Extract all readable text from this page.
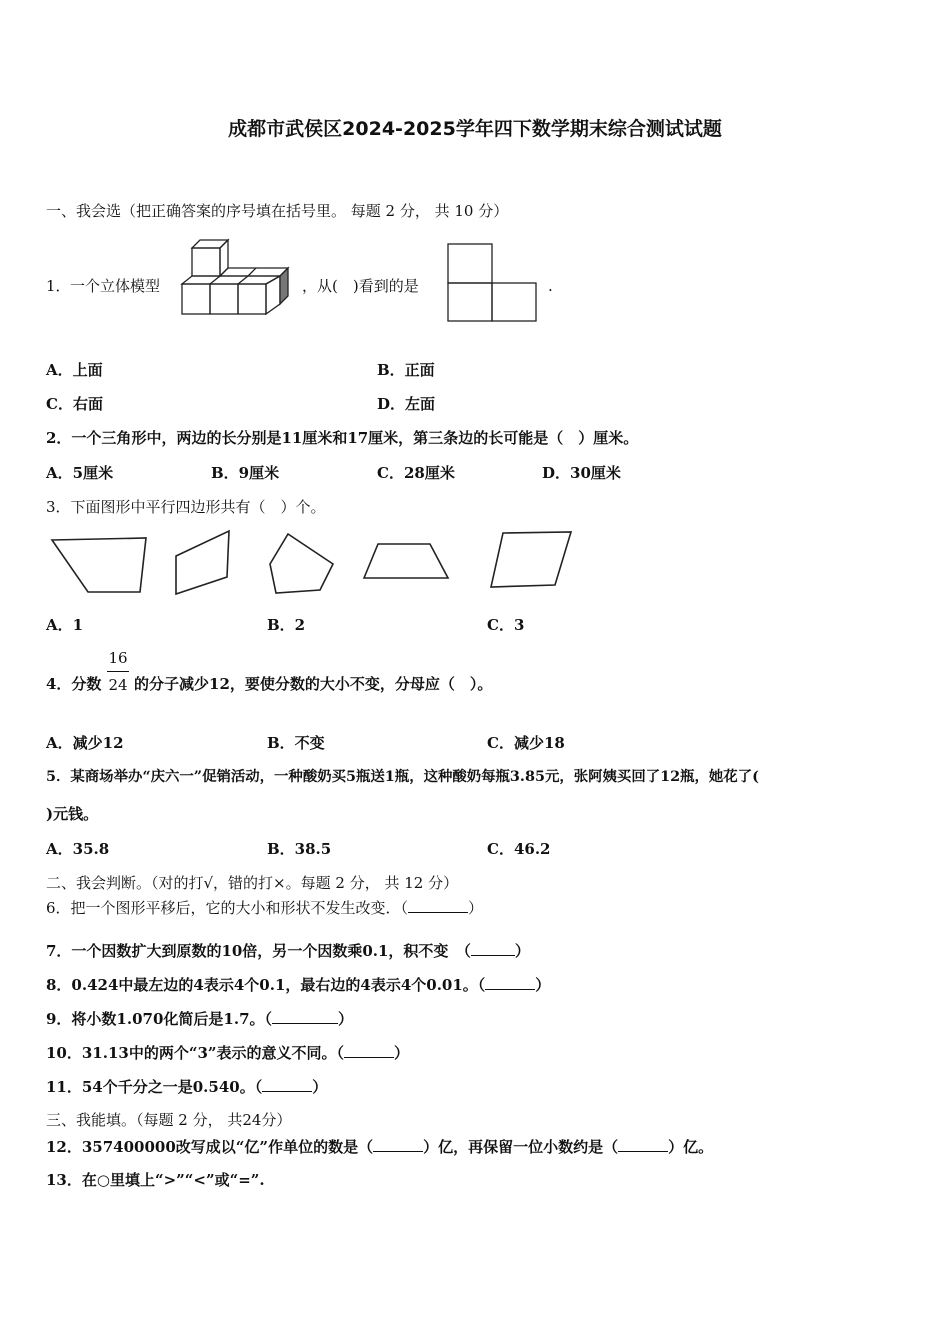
成都市武侯区2024-2025学年四下数学期末综合测试试题
一、我会选（把正确答案的序号填在括号里。 每题 2 分， 共 10 分）
1． 一个立体模型	，从(　)看到的是	.
A．上面	B．正面
C．右面	D．左面
2．一个三角形中，两边的长分别是11厘米和17厘米，第三条边的长可能是（　）厘米。
A．5厘米	B．9厘米	C．28厘米	D．30厘米
3．下面图形中平行四边形共有（　）个。
A．1	B．2	C．3
4．分数
16
24 的分子减少12，要使分数的大小不变，分母应（　）。
A．减少12	B．不变	C．减少18
5．某商场举办“庆六一”促销活动，一种酸奶买5瓶送1瓶，这种酸奶每瓶3.85元，张阿姨买回了12瓶，她花了(
)元钱。
A．35.8	B．38.5	C．46.2
二、我会判断。（对的打√，错的打×。每题 2 分， 共 12 分）
6．把一个图形平移后，它的大小和形状不发生改变．（	）
7．一个因数扩大到原数的10倍，另一个因数乘0.1，积不变　（	）
8．0.424中最左边的4表示4个0.1，最右边的4表示4个0.01。（	）
9．将小数1.070化简后是1.7。（	）
10．31.13中的两个“3”表示的意义不同。（	）
11．54个千分之一是0.540。（	）
三、我能填。（每题 2 分， 共24分）
12．357400000改写成以“亿”作单位的数是（	）亿，再保留一位小数约是（	）亿。
13．在○里填上“>”“<”或“=”.
